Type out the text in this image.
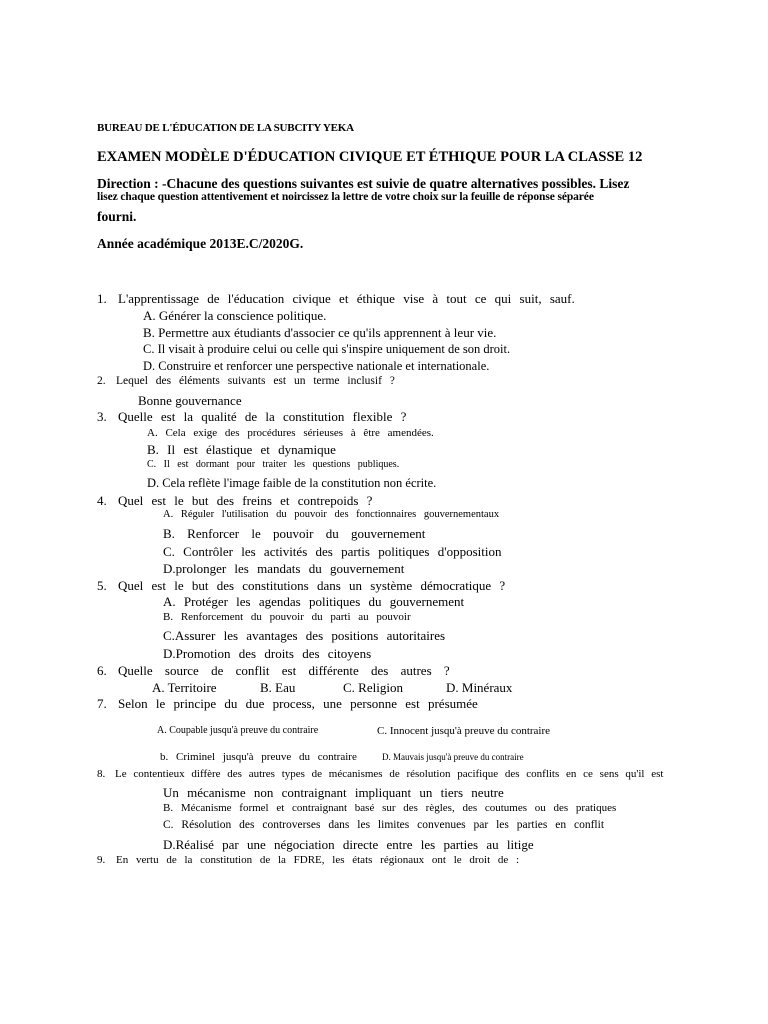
BUREAU DE L'ÉDUCATION DE LA SUBCITY YEKA
EXAMEN MODÈLE D'ÉDUCATION CIVIQUE ET ÉTHIQUE POUR LA CLASSE 12
Direction : -Chacune des questions suivantes est suivie de quatre alternatives possibles. Lisez
lisez chaque question attentivement et noircissez la lettre de votre choix sur la feuille de réponse séparée
fourni.
Année académique 2013E.C/2020G.
1. L'apprentissage de l'éducation civique et éthique vise à tout ce qui suit, sauf.
A. Générer la conscience politique.
B. Permettre aux étudiants d'associer ce qu'ils apprennent à leur vie.
C. Il visait à produire celui ou celle qui s'inspire uniquement de son droit.
D. Construire et renforcer une perspective nationale et internationale.
2. Lequel des éléments suivants est un terme inclusif ?
Bonne gouvernance
3. Quelle est la qualité de la constitution flexible ?
A. Cela exige des procédures sérieuses à être amendées.
B. Il est élastique et dynamique
C. Il est dormant pour traiter les questions publiques.
D. Cela reflète l'image faible de la constitution non écrite.
4. Quel est le but des freins et contrepoids ?
A. Réguler l'utilisation du pouvoir des fonctionnaires gouvernementaux
B. Renforcer le pouvoir du gouvernement
C. Contrôler les activités des partis politiques d'opposition
D.prolonger les mandats du gouvernement
5. Quel est le but des constitutions dans un système démocratique ?
A. Protéger les agendas politiques du gouvernement
B. Renforcement du pouvoir du parti au pouvoir
C.Assurer les avantages des positions autoritaires
D.Promotion des droits des citoyens
6. Quelle source de conflit est différente des autres ?
A. Territoire	B. Eau	C. Religion	D. Minéraux
7. Selon le principe du due process, une personne est présumée
A. Coupable jusqu'à preuve du contraire	C. Innocent jusqu'à preuve du contraire
b. Criminel jusqu'à preuve du contraire	D. Mauvais jusqu'à preuve du contraire
8. Le contentieux diffère des autres types de mécanismes de résolution pacifique des conflits en ce sens qu'il est
Un mécanisme non contraignant impliquant un tiers neutre
B. Mécanisme formel et contraignant basé sur des règles, des coutumes ou des pratiques
C. Résolution des controverses dans les limites convenues par les parties en conflit
D.Réalisé par une négociation directe entre les parties au litige
9. En vertu de la constitution de la FDRE, les états régionaux ont le droit de :
